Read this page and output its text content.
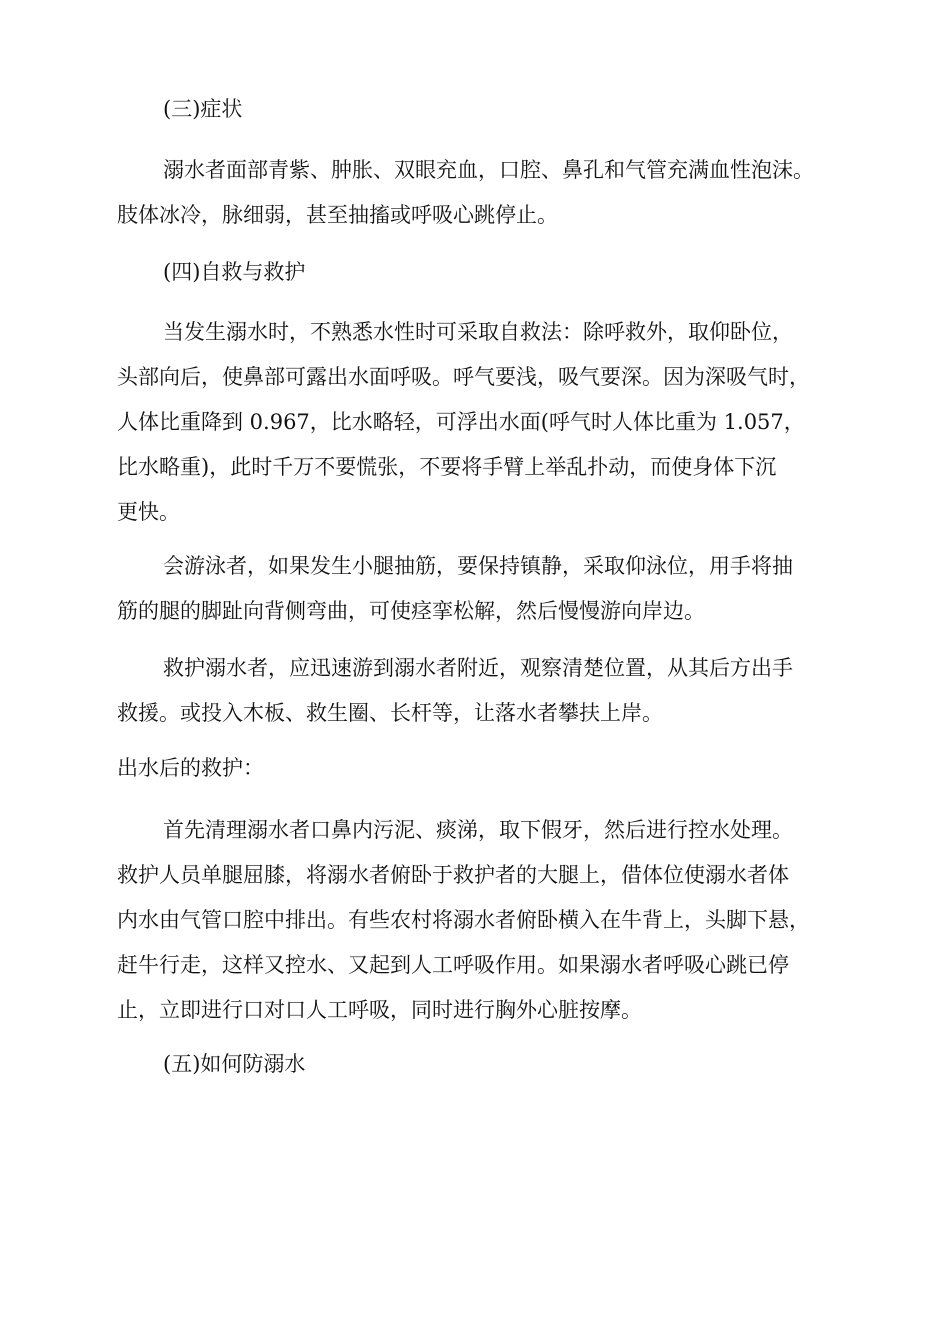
(三)症状
溺水者面部青紫、肿胀、双眼充血，口腔、鼻孔和气管充满血性泡沫。
肢体冰冷，脉细弱，甚至抽搐或呼吸心跳停止。
(四)自救与救护
当发生溺水时，不熟悉水性时可采取自救法：除呼救外，取仰卧位，
头部向后，使鼻部可露出水面呼吸。呼气要浅，吸气要深。因为深吸气时，
人体比重降到 0.967，比水略轻，可浮出水面(呼气时人体比重为 1.057，
比水略重)，此时千万不要慌张，不要将手臂上举乱扑动，而使身体下沉
更快。
会游泳者，如果发生小腿抽筋，要保持镇静，采取仰泳位，用手将抽
筋的腿的脚趾向背侧弯曲，可使痉挛松解，然后慢慢游向岸边。
救护溺水者，应迅速游到溺水者附近，观察清楚位置，从其后方出手
救援。或投入木板、救生圈、长杆等，让落水者攀扶上岸。
出水后的救护：
首先清理溺水者口鼻内污泥、痰涕，取下假牙，然后进行控水处理。
救护人员单腿屈膝，将溺水者俯卧于救护者的大腿上，借体位使溺水者体
内水由气管口腔中排出。有些农村将溺水者俯卧横入在牛背上，头脚下悬，
赶牛行走，这样又控水、又起到人工呼吸作用。如果溺水者呼吸心跳已停
止，立即进行口对口人工呼吸，同时进行胸外心脏按摩。
(五)如何防溺水
